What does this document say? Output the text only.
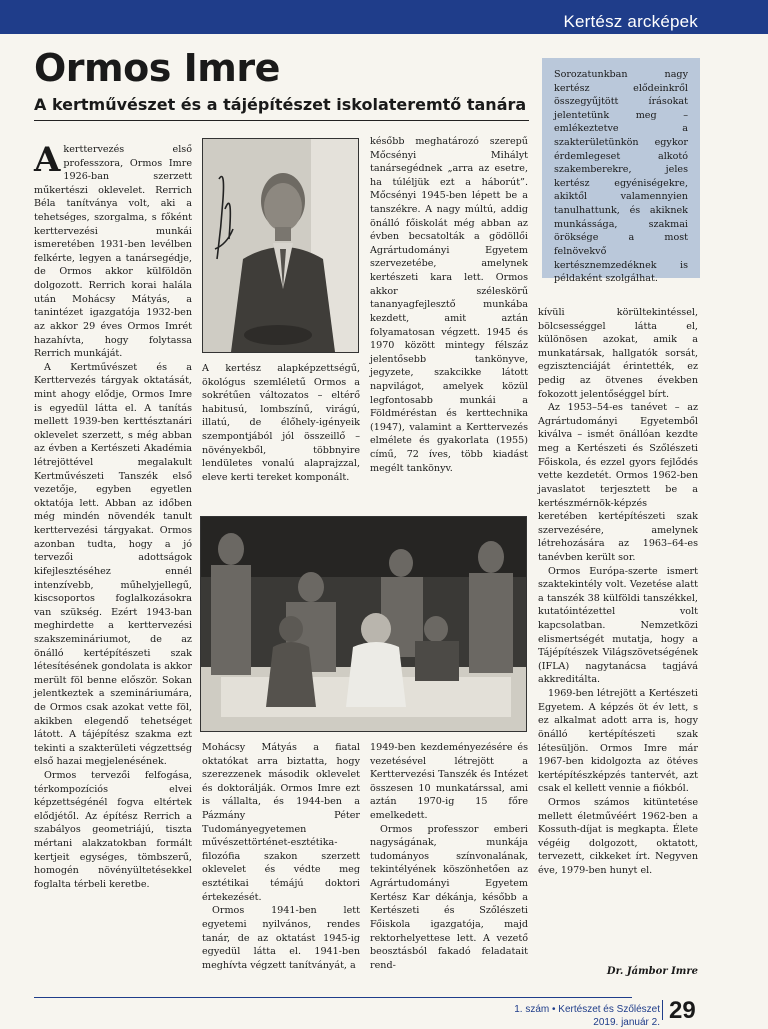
Kertész arcképek
Ormos Imre
A kertművészet és a tájépítészet iskolateremtő tanára
Sorozatunkban nagy kertész elődeinkről összegyűjtött írásokat jelentetünk meg – emlékeztetve a szakterületünkön egykor érdemlegeset alkotó szakemberekre, jeles kertész egyéniségekre, akiktől valamennyien tanulhattunk, és akiknek munkássága, szakmai öröksége a most felnövekvő kertésznemzedéknek is példaként szolgálhat.

Akerttervezés első professzora, Ormos Imre 1926-ban szerzett műkertészi oklevelet. Rerrich Béla tanítványa volt, aki a tehetséges, szorgalma, s főként kerttervezési munkái ismeretében 1931-ben levélben felkérte, legyen a tanársegédje, de Ormos akkor külföldön dolgozott. Rerrich korai halála után Mohácsy Mátyás, a tanintézet igazgatója 1932-ben az akkor 29 éves Ormos Imrét hazahívta, hogy folytassa Rerrich munkáját.

A Kertművészet és a Kerttervezés tárgyak oktatását, mint ahogy elődje, Ormos Imre is egyedül látta el. A tanítás mellett 1939-ben kerttésztanári oklevelet szerzett, s még abban az évben a Kertészeti Akadémia létrejöttével megalakult Kertművészeti Tanszék első vezetője, egyben egyetlen oktatója lett. Abban az időben még mindén növendék tanult kerttervezési tárgyakat. Ormos azonban tudta, hogy a jó tervezői adottságok kifejlesztéséhez ennél intenzívebb, műhelyjellegű, kiscsoportos foglalkozásokra van szükség. Ezért 1943-ban meghirdette a kerttervezési szakszemináriumot, de az önálló kertépítészeti szak létesítésének gondolata is akkor merült föl benne először. Sokan jelentkeztek a szemináriumára, de Ormos csak azokat vette föl, akikben elegendő tehetséget látott. A tájépítész szakma ezt tekinti a szakterületi végzettség első hazai megjelenésének.

Ormos tervezői felfogása, térkompozíciós elvei képzettségénél fogva eltértek elődjétől. Az építész Rerrich a szabályos geometriájú, tiszta mértani alakzatokban formált kertjeit egységes, tömbszerű, homogén növényültetésekkel foglalta térbeli keretbe.

A kertész alapképzettségű, ökológus szemléletű Ormos a sokrétűen változatos – eltérő habitusú, lombszínű, virágú, illatú, de élőhely-igényeik szempontjából jól összeillő – növényekből, többnyire lendületes vonalú alaprajzzal, eleve kerti tereket komponált.

később meghatározó szerepű Mőcsényi Mihályt tanársegédnek „arra az esetre, ha túléljük ezt a háborút”. Mőcsényi 1945-ben lépett be a tanszékre. A nagy múltú, addig önálló főiskolát még abban az évben becsatolták a gödöllői Agrártudományi Egyetem szervezetébe, amelynek kertészeti kara lett. Ormos akkor széleskörű tananyagfejlesztő munkába kezdett, amit aztán folyamatosan végzett. 1945 és 1970 között mintegy félszáz jelentősebb tankönyve, jegyzete, szakcikke látott napvilágot, amelyek közül legfontosabb munkái a Földméréstan és kerttechnika (1947), valamint a Kerttervezés elmélete és gyakorlata (1955) című, 72 íves, több kiadást megélt tankönyv.

kívüli körültekintéssel, bölcsességgel látta el, különösen azokat, amik a munkatársak, hallgatók sorsát, egzisztenciáját érintették, ez pedig az ötvenes években fokozott jelentőséggel bírt.

Az 1953–54-es tanévet – az Agrártudományi Egyetemből kiválva – ismét önállóan kezdte meg a Kertészeti és Szőlészeti Főiskola, és ezzel gyors fejlődés vette kezdetét. Ormos 1962-ben javaslatot terjesztett be a kertészmérnök-képzés keretében kertépítészeti szak szervezésére, amelynek létrehozására az 1963–64-es tanévben került sor.

Ormos Európa-szerte ismert szaktekintély volt. Vezetése alatt a tanszék 38 külföldi tanszékkel, kutatóintézettel volt kapcsolatban. Nemzetközi elismertségét mutatja, hogy a Tájépítészek Világszövetségének (IFLA) nagytanácsa tagjává akkreditálta.

1969-ben létrejött a Kertészeti Egyetem. A képzés öt év lett, s ez alkalmat adott arra is, hogy önálló kertépítészeti szak létesüljön. Ormos Imre már 1967-ben kidolgozta az ötéves kertépítészképzés tantervét, azt csak el kellett vennie a fiókból.

Ormos számos kitüntetése mellett életművéért 1962-ben a Kossuth-díjat is megkapta. Élete végéig dolgozott, oktatott, tervezett, cikkeket írt. Negyven éve, 1979-ben hunyt el.

Mohácsy Mátyás a fiatal oktatókat arra biztatta, hogy szerezzenek második oklevelet és doktorálják. Ormos Imre ezt is vállalta, és 1944-ben a Pázmány Péter Tudományegyetemen művészettörténet-esztétika-filozófia szakon szerzett oklevelet és védte meg esztétikai témájú doktori értekezését.

Ormos 1941-ben lett egyetemi nyilvános, rendes tanár, de az oktatást 1945-ig egyedül látta el. 1941-ben meghívta végzett tanítványát, a

1949-ben kezdeményezésére és vezetésével létrejött a Kerttervezési Tanszék és Intézet összesen 10 munkatárssal, ami aztán 1970-ig 15 főre emelkedett.

Ormos professzor emberi nagyságának, munkája tudományos színvonalának, tekintélyének köszönhetően az Agrártudományi Egyetem Kertész Kar dékánja, később a Kertészeti és Szőlészeti Főiskola igazgatója, majd rektorhelyettese lett. A vezető beosztásból fakadó feladatait rend-

Dr. Jámbor Imre
1. szám • Kertészet és Szőlészet
2019. január 2. 29
